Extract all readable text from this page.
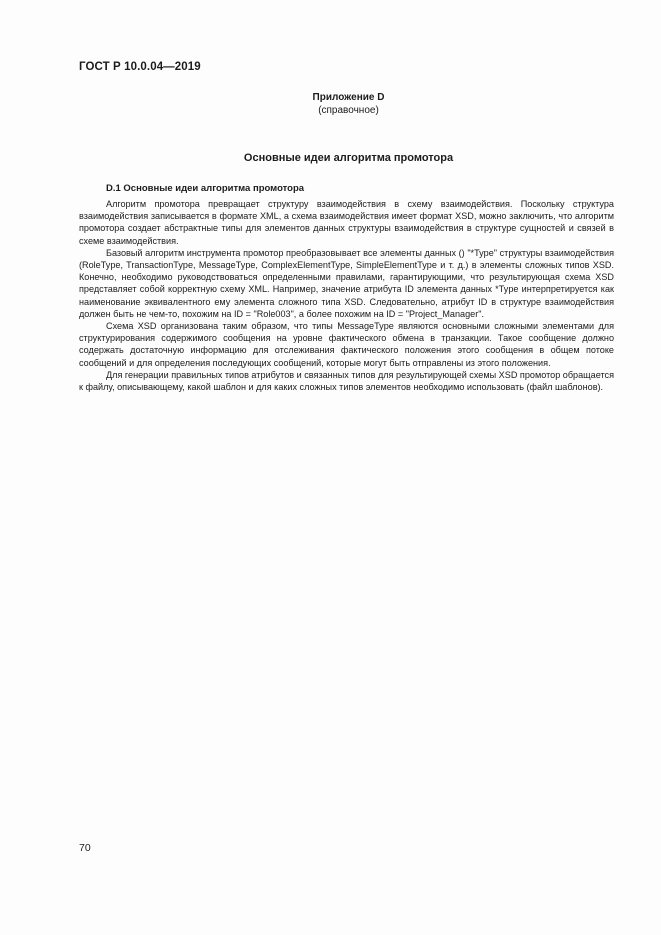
ГОСТ Р 10.0.04—2019
Приложение D
(справочное)
Основные идеи алгоритма промотора
D.1 Основные идеи алгоритма промотора

Алгоритм промотора превращает структуру взаимодействия в схему взаимодействия. Поскольку структура взаимодействия записывается в формате XML, а схема взаимодействия имеет формат XSD, можно заключить, что алгоритм промотора создает абстрактные типы для элементов данных структуры взаимодействия в структуре сущностей и связей в схеме взаимодействия.

Базовый алгоритм инструмента промотор преобразовывает все элементы данных () "*Type" структуры взаимодействия (RoleType, TransactionType, MessageType, ComplexElementType, SimpleElementType и т. д.) в элементы сложных типов XSD. Конечно, необходимо руководствоваться определенными правилами, гарантирующими, что результирующая схема XSD представляет собой корректную схему XML. Например, значение атрибута ID элемента данных *Type интерпретируется как наименование эквивалентного ему элемента сложного типа XSD. Следовательно, атрибут ID в структуре взаимодействия должен быть не чем-то, похожим на ID = "Role003", а более похожим на ID = "Project_Manager".

Схема XSD организована таким образом, что типы MessageType являются основными сложными элементами для структурирования содержимого сообщения на уровне фактического обмена в транзакции. Такое сообщение должно содержать достаточную информацию для отслеживания фактического положения этого сообщения в общем потоке сообщений и для определения последующих сообщений, которые могут быть отправлены из этого положения.

Для генерации правильных типов атрибутов и связанных типов для результирующей схемы XSD промотор обращается к файлу, описывающему, какой шаблон и для каких сложных типов элементов необходимо использовать (файл шаблонов).

70
